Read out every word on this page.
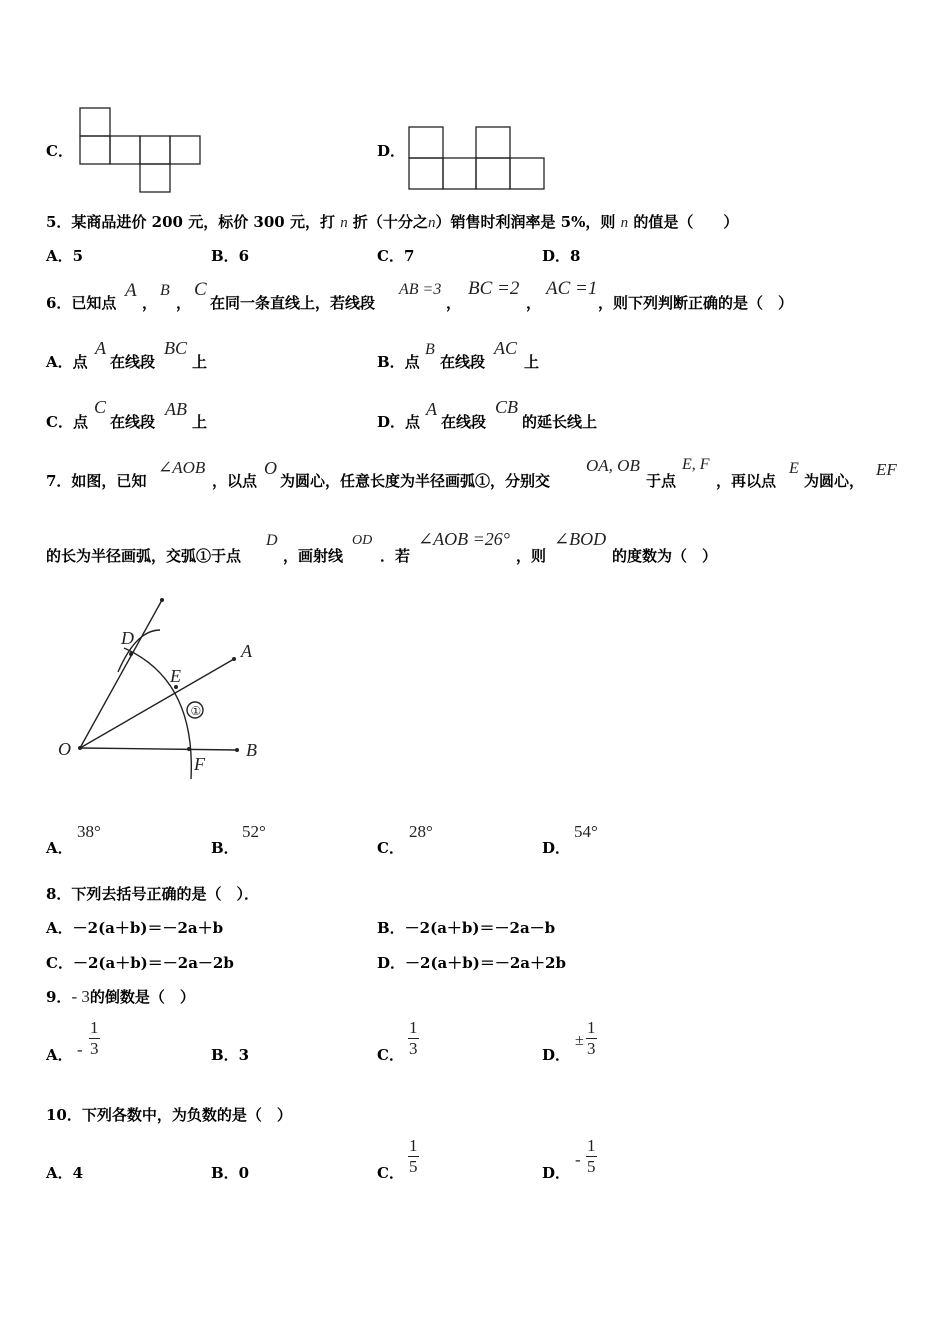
C．	D．
5．某商品进价 200 元，标价 300 元，打 n 折（十分之n）销售时利润率是 5%，则 n 的值是（　　）
A．5	B．6	C．7	D．8
6．已知点
A
，
B
，
C
在同一条直线上，若线段
AB =3
，
BC =2
，
AC =1
，则下列判断正确的是（　）
A．点
A
在线段
BC
上	B．点
B
在线段
AC
上
C．点
C
在线段
AB
上	D．点
A
在线段
CB
的延长线上
7．如图，已知
∠AOB
，以点
O
为圆心，任意长度为半径画弧①，分别交
OA, OB
于点
E, F
，再以点
E
为圆心，
EF
的长为半径画弧，交弧①于点
D
，画射线
OD
．若
∠AOB =26°
，则
∠BOD
的度数为（　）
O
A
B
D
E
F
①
A．
38°
B．
52°
C．
28°
D．
54°
8．下列去括号正确的是（　）．
A．－2(a＋b)＝－2a＋b	B．－2(a＋b)＝－2a－b
C．－2(a＋b)＝－2a－2b	D．－2(a＋b)＝－2a＋2b
9．- 3的倒数是（　）
A． - $\frac{1}{3}$	B．3	C． $\frac{1}{3}$	D．
± $\frac{1}{3}$
10．下列各数中，为负数的是（　）
A．4	B．0	C． $\frac{1}{5}$	D．
- $\frac{1}{5}$
